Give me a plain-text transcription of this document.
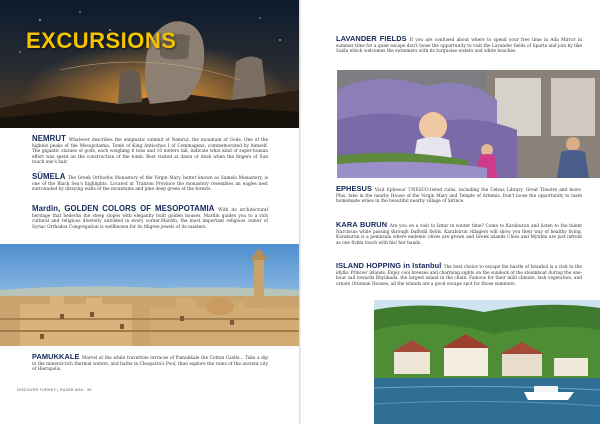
EXCURSIONS
NEMRUT Whatever describes the enigmatic summit of Nemrut, the mountain of Gods. One of the highest peaks of the Mesopotamia. Tomb of King Antiochus I of Commagene, commemorated by himself. The gigantic statues of gods, each weighing 6 tons and 10 meters tall, indicate what kind of super-human effort was spent on the construction of the tomb. Best visited at dawn or dusk when the fingers of Sun touch one's hair.
SÜMELA The Greek Orthodox Monastery of the Virgin Mary, better known as Sumela Monastery, is one of the Black Sea's highlights. Located at Trabzon Province the monastery resembles an eagles nest surrounded by dizzying walls of the mountains and pine deep green of the forests.
Mardin, GOLDEN COLORS OF MESOPOTAMIA With its architectural heritage that bedecks the steep slopes with elegantly built golden houses, Mardin guides you to a rich cultural and religious diversity unfolded in every corner.Mardin, the most important religious center of Syriac Orthodox Congregation is wellknown for its filigree jewels of its masters.
PAMUKKALE Marvel at the white travertine terraces of Pamukkale the Cotton Castle... Take a dip in the mineral-rich thermal waters, and bathe in Cleopatra's Pool, than explore the ruins of the ancient city of Hierapolis.
DISCOVER TURKEY | SUZER ADA · 39
LAVANDER FIELDS If you are confused about where to spend your free time in Ada Mirror in summer time for a quiet escape don't loose the opportunity to visit the Lavander fields of Sparta and join by like Salda which welcomes the swimmers with its turquoise waters and white beaches.
EPHESUS Visit Ephesus' UNESCO-listed ruins, including the Celsus Library, Great Theatre and more. Plus, take in the nearby House of the Virgin Mary and Temple of Artemis. Don't loose the opportunity to taste homemade wines in the beautiful nearby village of Şirince.
KARA BURUN Are you on a visit to Izmir in winter time? Come to Karaburun and listen to the talent Narcissus while passing through Daffodil fields. Karaburun villagers will show you their way of healthy living. Karaburun is a peninsula where endemic olives are grown and Greek islands Chios and Mytilini are just infront as one fivkm touch with his/ her hands.
ISLAND HOPPING in Istanbul The best choice to escape the hustle of Istanbul is a visit to the idyllic Princes' Islands. Enjoy cool breezes and charming sights on the sundeck of the steamboat during the one-hour sail towards Büyükada, the largest island in the chain. Famous for their mild climate, lush vegetation, and ornate Ottoman Houses, all the islands are a good escape spot for those summers.
